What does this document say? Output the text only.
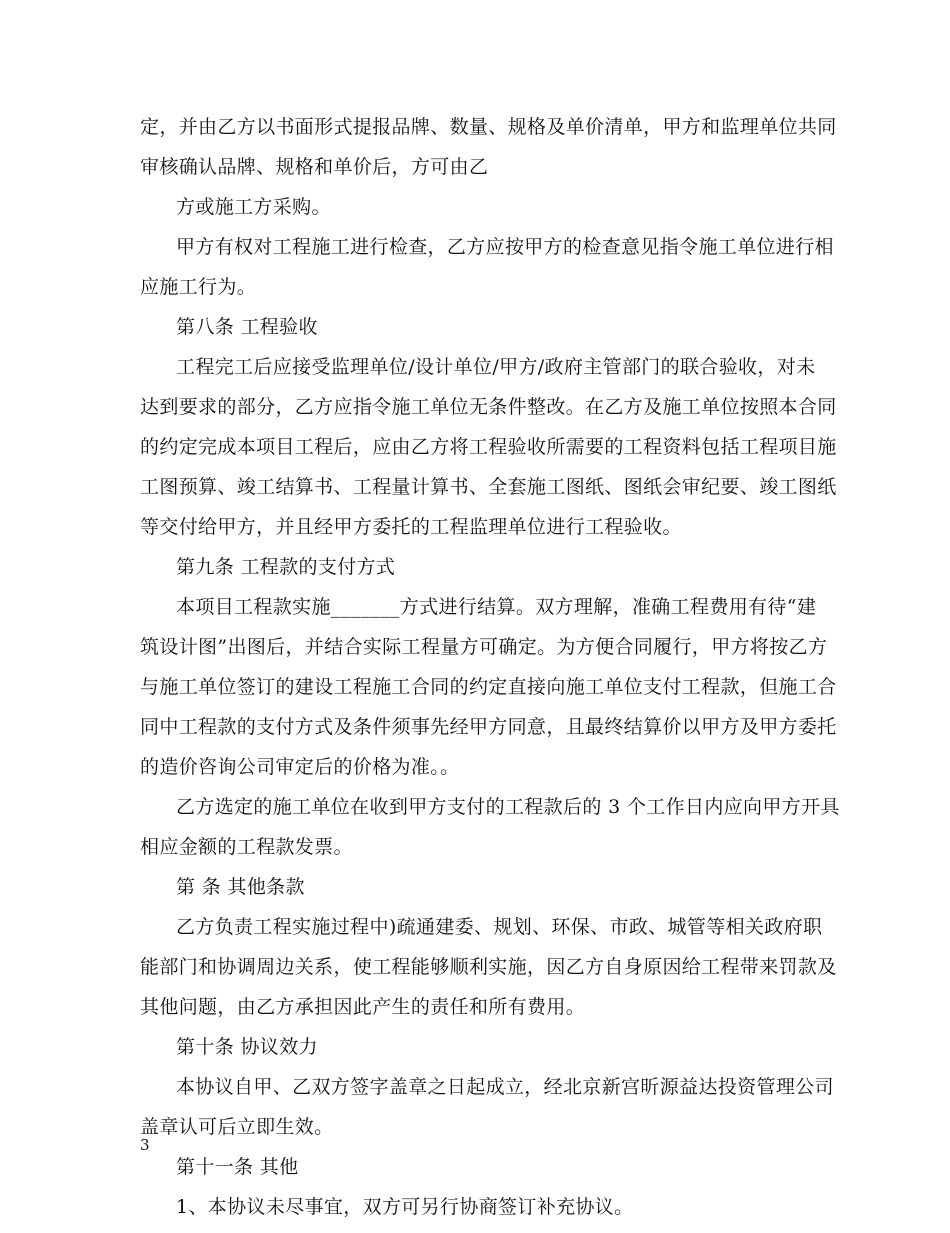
定，并由乙方以书面形式提报品牌、数量、规格及单价清单，甲方和监理单位共同
审核确认品牌、规格和单价后，方可由乙
方或施工方采购。
甲方有权对工程施工进行检查，乙方应按甲方的检查意见指令施工单位进行相
应施工行为。
第八条 工程验收
工程完工后应接受监理单位/设计单位/甲方/政府主管部门的联合验收，对未
达到要求的部分，乙方应指令施工单位无条件整改。在乙方及施工单位按照本合同
的约定完成本项目工程后，应由乙方将工程验收所需要的工程资料包括工程项目施
工图预算、竣工结算书、工程量计算书、全套施工图纸、图纸会审纪要、竣工图纸
等交付给甲方，并且经甲方委托的工程监理单位进行工程验收。
第九条 工程款的支付方式
本项目工程款实施_______方式进行结算。双方理解，准确工程费用有待“建
筑设计图”出图后，并结合实际工程量方可确定。为方便合同履行，甲方将按乙方
与施工单位签订的建设工程施工合同的约定直接向施工单位支付工程款，但施工合
同中工程款的支付方式及条件须事先经甲方同意，且最终结算价以甲方及甲方委托
的造价咨询公司审定后的价格为准。。
乙方选定的施工单位在收到甲方支付的工程款后的 3 个工作日内应向甲方开具
相应金额的工程款发票。
第 条 其他条款
乙方负责工程实施过程中)疏通建委、规划、环保、市政、城管等相关政府职
能部门和协调周边关系，使工程能够顺利实施，因乙方自身原因给工程带来罚款及
其他问题，由乙方承担因此产生的责任和所有费用。
第十条 协议效力
本协议自甲、乙双方签字盖章之日起成立，经北京新宫昕源益达投资管理公司
盖章认可后立即生效。
第十一条 其他
1、本协议未尽事宜，双方可另行协商签订补充协议。
3
